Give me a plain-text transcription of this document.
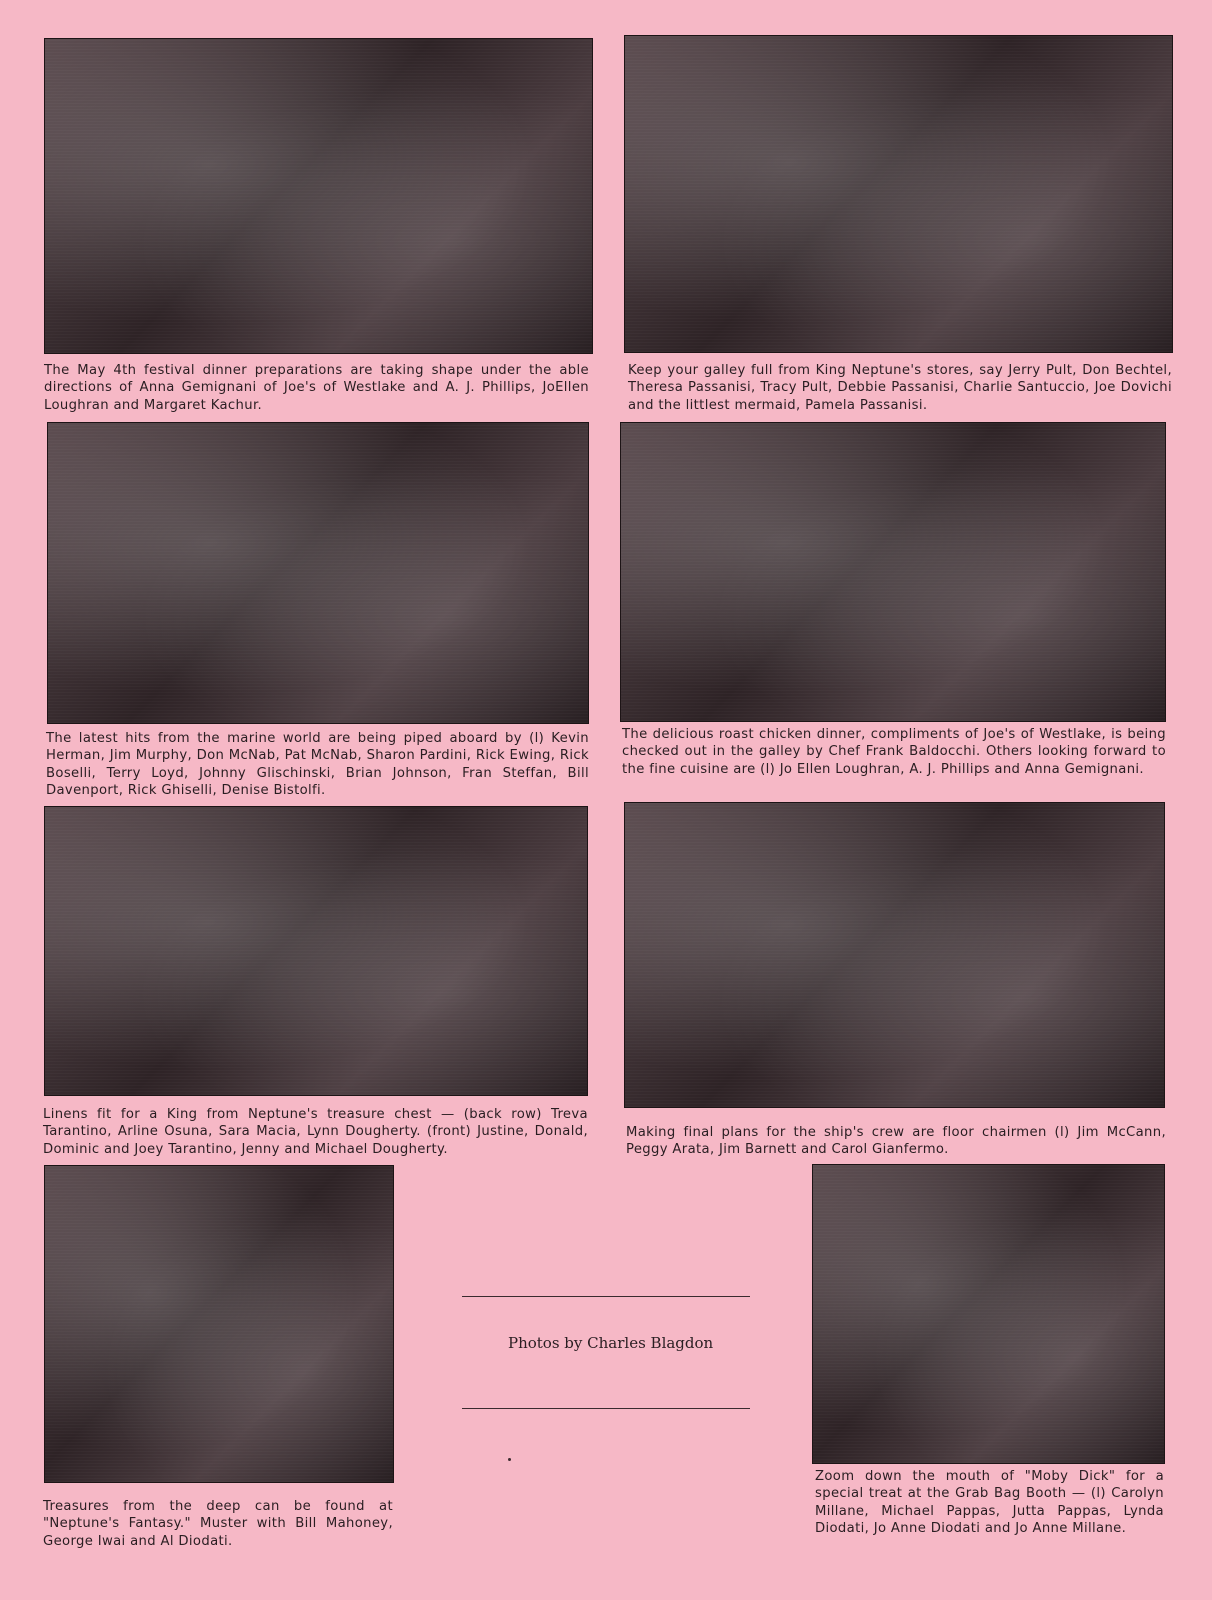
The May 4th festival dinner preparations are taking shape under the able directions of Anna Gemignani of Joe's of Westlake and A. J. Phillips, JoEllen Loughran and Margaret Kachur.

Keep your galley full from King Neptune's stores, say Jerry Pult, Don Bechtel, Theresa Passanisi, Tracy Pult, Debbie Passanisi, Charlie Santuccio, Joe Dovichi and the littlest mermaid, Pamela Passanisi.

The latest hits from the marine world are being piped aboard by (l) Kevin Herman, Jim Murphy, Don McNab, Pat McNab, Sharon Pardini, Rick Ewing, Rick Boselli, Terry Loyd, Johnny Glischinski, Brian Johnson, Fran Steffan, Bill Davenport, Rick Ghiselli, Denise Bistolfi.

The delicious roast chicken dinner, compliments of Joe's of Westlake, is being checked out in the galley by Chef Frank Baldocchi. Others looking forward to the fine cuisine are (l) Jo Ellen Loughran, A. J. Phillips and Anna Gemignani.

Linens fit for a King from Neptune's treasure chest — (back row) Treva Tarantino, Arline Osuna, Sara Macia, Lynn Dougherty. (front) Justine, Donald, Dominic and Joey Tarantino, Jenny and Michael Dougherty.

Making final plans for the ship's crew are floor chairmen (l) Jim McCann, Peggy Arata, Jim Barnett and Carol Gianfermo.

Treasures from the deep can be found at "Neptune's Fantasy." Muster with Bill Mahoney, George Iwai and Al Diodati.

Photos by Charles Blagdon

Zoom down the mouth of "Moby Dick" for a special treat at the Grab Bag Booth — (l) Carolyn Millane, Michael Pappas, Jutta Pappas, Lynda Diodati, Jo Anne Diodati and Jo Anne Millane.
